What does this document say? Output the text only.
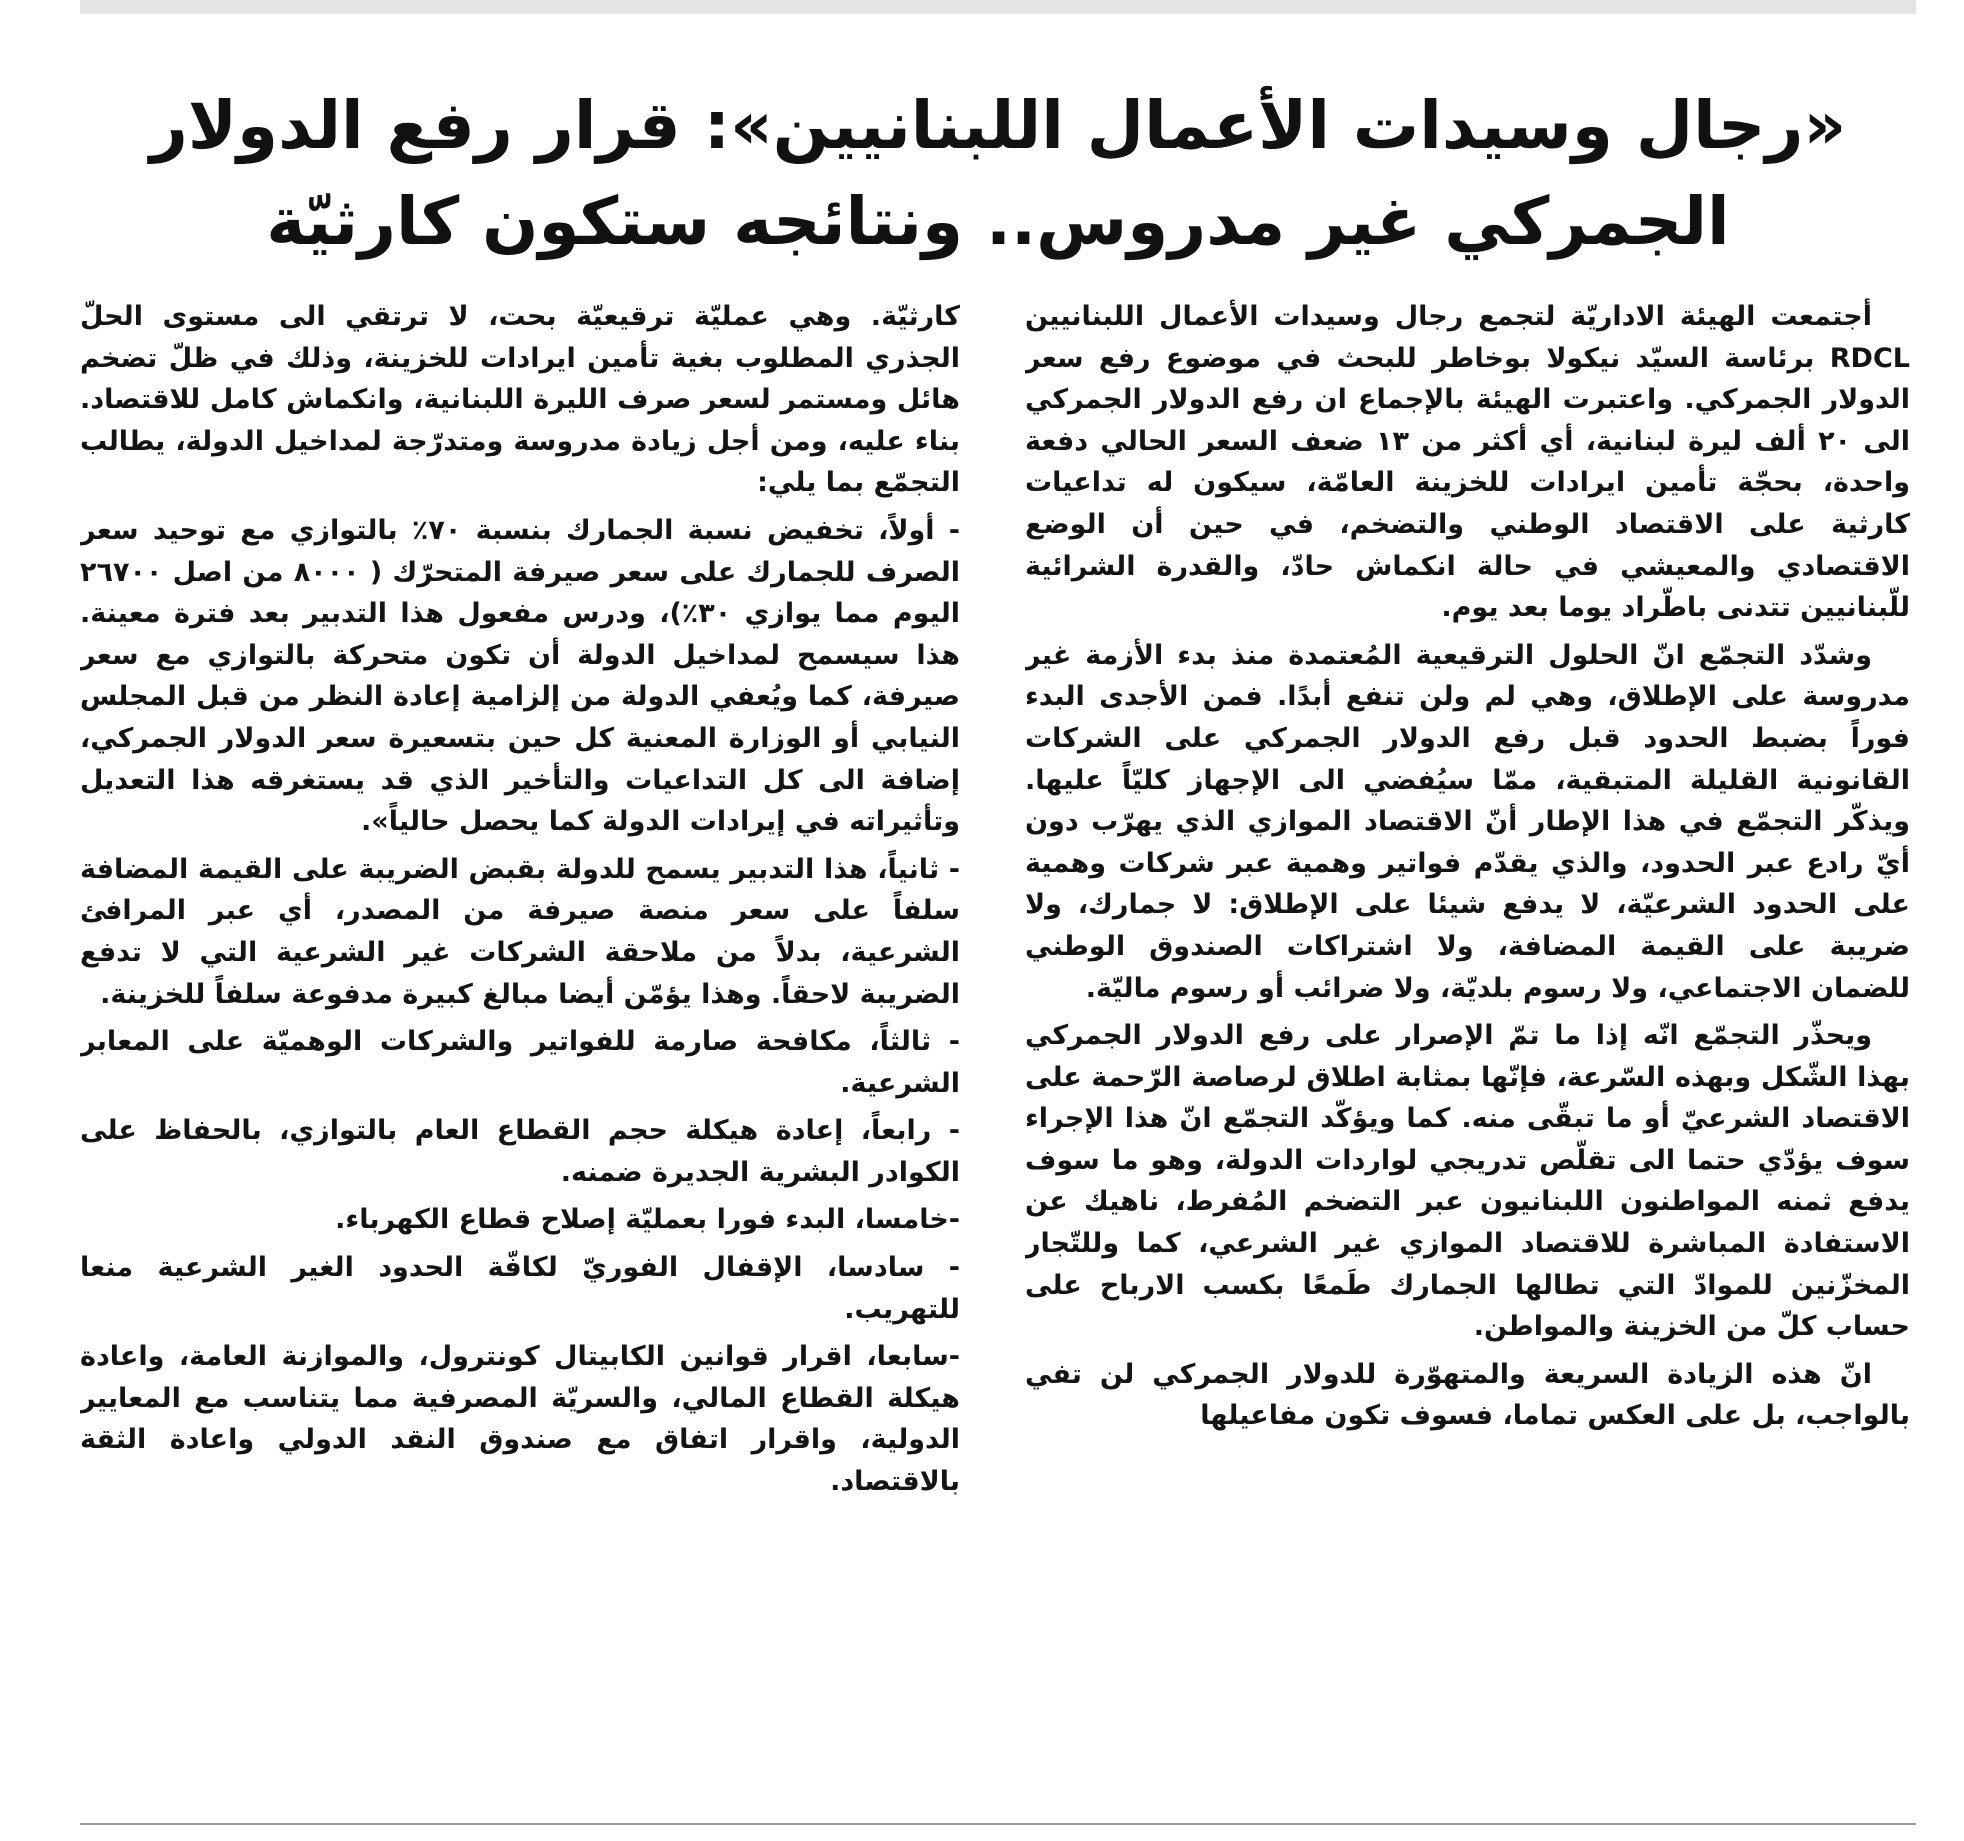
«رجال وسيدات الأعمال اللبنانيين»: قرار رفع الدولار
الجمركي غير مدروس.. ونتائجه ستكون كارثيّة

أجتمعت الهيئة الاداريّة لتجمع رجال وسيدات الأعمال اللبنانيين RDCL برئاسة السيّد نيكولا بوخاطر للبحث في موضوع رفع سعر الدولار الجمركي. واعتبرت الهيئة بالإجماع ان رفع الدولار الجمركي الى ٢٠ ألف ليرة لبنانية، أي أكثر من ١٣ ضعف السعر الحالي دفعة واحدة، بحجّة تأمين ايرادات للخزينة العامّة، سيكون له تداعيات كارثية على الاقتصاد الوطني والتضخم، في حين أن الوضع الاقتصادي والمعيشي في حالة انكماش حادّ، والقدرة الشرائية للّبنانيين تتدنى باطّراد يوما بعد يوم.

وشدّد التجمّع انّ الحلول الترقيعية المُعتمدة منذ بدء الأزمة غير مدروسة على الإطلاق، وهي لم ولن تنفع أبدًا. فمن الأجدى البدء فوراً بضبط الحدود قبل رفع الدولار الجمركي على الشركات القانونية القليلة المتبقية، ممّا سيُفضي الى الإجهاز كليّاً عليها. ويذكّر التجمّع في هذا الإطار أنّ الاقتصاد الموازي الذي يهرّب دون أيّ رادع عبر الحدود، والذي يقدّم فواتير وهمية عبر شركات وهمية على الحدود الشرعيّة، لا يدفع شيئا على الإطلاق: لا جمارك، ولا ضريبة على القيمة المضافة، ولا اشتراكات الصندوق الوطني للضمان الاجتماعي، ولا رسوم بلديّة، ولا ضرائب أو رسوم ماليّة.

ويحذّر التجمّع انّه إذا ما تمّ الإصرار على رفع الدولار الجمركي بهذا الشّكل وبهذه السّرعة، فإنّها بمثابة اطلاق لرصاصة الرّحمة على الاقتصاد الشرعيّ أو ما تبقّى منه. كما ويؤكّد التجمّع انّ هذا الإجراء سوف يؤدّي حتما الى تقلّص تدريجي لواردات الدولة، وهو ما سوف يدفع ثمنه المواطنون اللبنانيون عبر التضخم المُفرط، ناهيك عن الاستفادة المباشرة للاقتصاد الموازي غير الشرعي، كما وللتّجار المخزّنين للموادّ التي تطالها الجمارك طَمعًا بكسب الارباح على حساب كلّ من الخزينة والمواطن.

انّ هذه الزيادة السريعة والمتهوّرة للدولار الجمركي لن تفي بالواجب، بل على العكس تماما، فسوف تكون مفاعيلها

كارثيّة. وهي عمليّة ترقيعيّة بحت، لا ترتقي الى مستوى الحلّ الجذري المطلوب بغية تأمين ايرادات للخزينة، وذلك في ظلّ تضخم هائل ومستمر لسعر صرف الليرة اللبنانية، وانكماش كامل للاقتصاد. بناء عليه، ومن أجل زيادة مدروسة ومتدرّجة لمداخيل الدولة، يطالب التجمّع بما يلي:

- أولاً، تخفيض نسبة الجمارك بنسبة ٧٠٪ بالتوازي مع توحيد سعر الصرف للجمارك على سعر صيرفة المتحرّك ( ٨٠٠٠ من اصل ٢٦٧٠٠ اليوم مما يوازي ٣٠٪)، ودرس مفعول هذا التدبير بعد فترة معينة. هذا سيسمح لمداخيل الدولة أن تكون متحركة بالتوازي مع سعر صيرفة، كما ويُعفي الدولة من إلزامية إعادة النظر من قبل المجلس النيابي أو الوزارة المعنية كل حين بتسعيرة سعر الدولار الجمركي، إضافة الى كل التداعيات والتأخير الذي قد يستغرقه هذا التعديل وتأثيراته في إيرادات الدولة كما يحصل حالياً».

- ثانياً، هذا التدبير يسمح للدولة بقبض الضريبة على القيمة المضافة سلفاً على سعر منصة صيرفة من المصدر، أي عبر المرافئ الشرعية، بدلاً من ملاحقة الشركات غير الشرعية التي لا تدفع الضريبة لاحقاً. وهذا يؤمّن أيضا مبالغ كبيرة مدفوعة سلفاً للخزينة.

- ثالثاً، مكافحة صارمة للفواتير والشركات الوهميّة على المعابر الشرعية.

- رابعاً، إعادة هيكلة حجم القطاع العام بالتوازي، بالحفاظ على الكوادر البشرية الجديرة ضمنه.

-خامسا، البدء فورا بعمليّة إصلاح قطاع الكهرباء.

- سادسا، الإقفال الفوريّ لكافّة الحدود الغير الشرعية منعا للتهريب.

-سابعا، اقرار قوانين الكابيتال كونترول، والموازنة العامة، واعادة هيكلة القطاع المالي، والسريّة المصرفية مما يتناسب مع المعايير الدولية، واقرار اتفاق مع صندوق النقد الدولي واعادة الثقة بالاقتصاد.
